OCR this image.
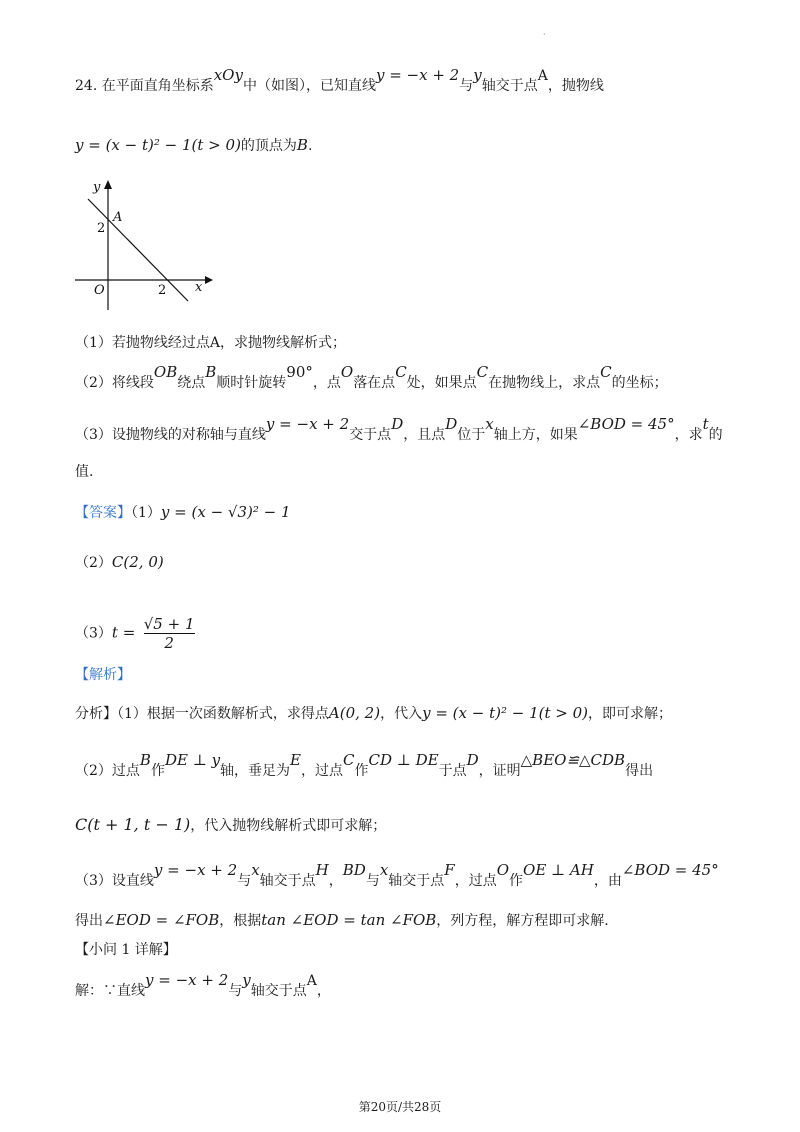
·
24. 在平面直角坐标系xOy中（如图），已知直线y = −x + 2与y轴交于点A，抛物线
y = (x − t)² − 1(t > 0)的顶点为B.
y
x
O
A
2
2
（1）若抛物线经过点A，求抛物线解析式；
（2）将线段OB绕点B顺时针旋转90°，点O落在点C处，如果点C在抛物线上，求点C的坐标；
（3）设抛物线的对称轴与直线y = −x + 2交于点D，且点D位于x轴上方，如果∠BOD = 45°，求t的
值.
【答案】（1）y = (x − √3)² − 1
（2）C(2, 0)
$(3)t = \frac{√5 + 1}{2}$
【解析】
分析】（1）根据一次函数解析式，求得点A(0, 2)，代入y = (x − t)² − 1(t > 0)，即可求解；
（2）过点B作DE ⊥ y轴，垂足为E，过点C作CD ⊥ DE于点D，证明△BEO≌△CDB得出
C(t + 1, t − 1)，代入抛物线解析式即可求解；
（3）设直线y = −x + 2与x轴交于点H，BD与x轴交于点F，过点O作OE ⊥ AH，由∠BOD = 45°
得出∠EOD = ∠FOB，根据tan ∠EOD = tan ∠FOB，列方程，解方程即可求解.
【小问 1 详解】
解：∵直线y = −x + 2与y轴交于点A，
第20页/共28页
